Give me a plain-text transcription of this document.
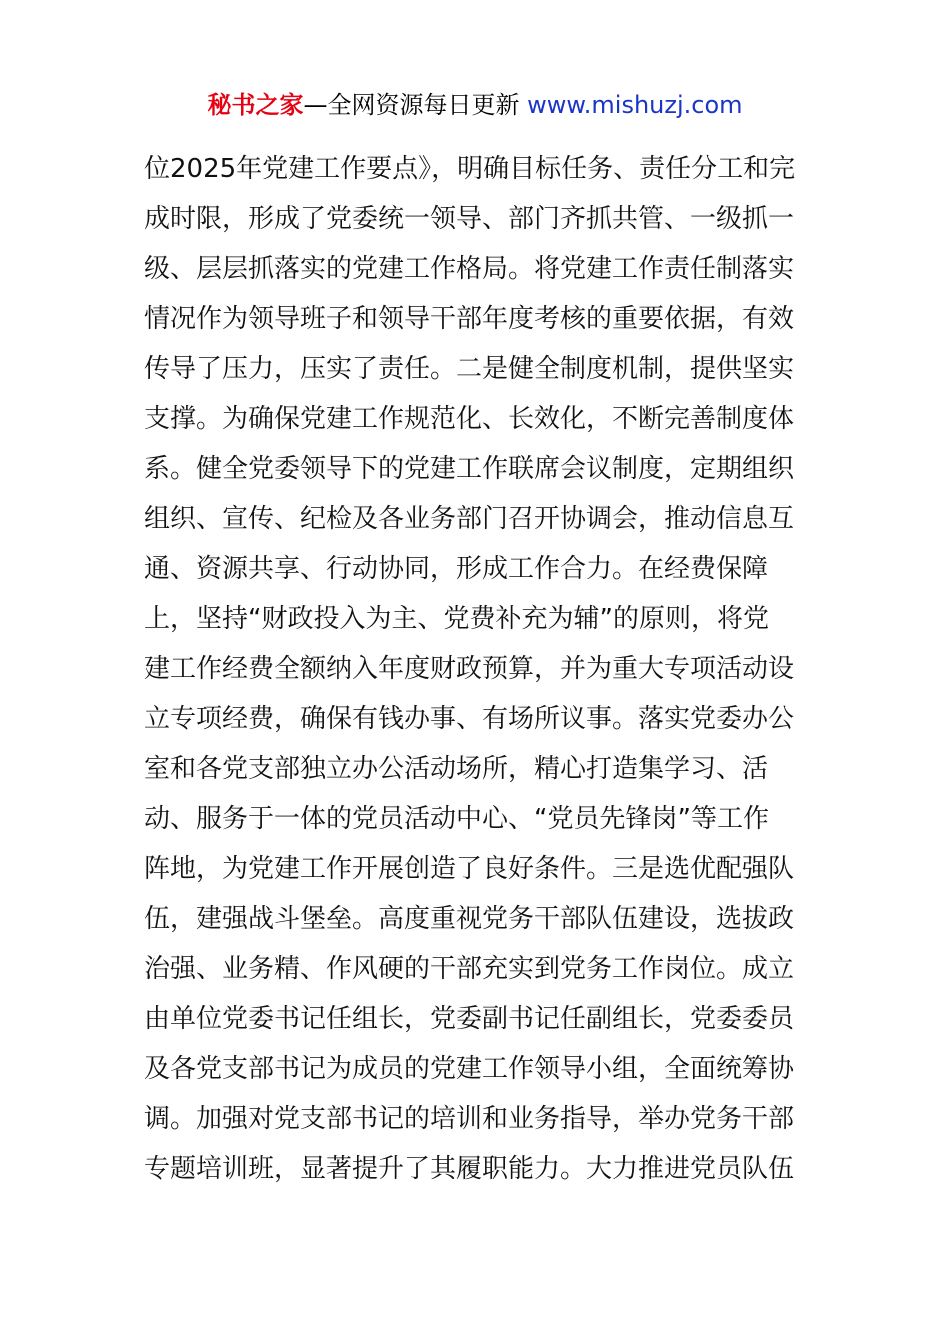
秘书之家—全网资源每日更新 www.mishuzj.com
位2025年党建工作要点》，明确目标任务、责任分工和完
成时限，形成了党委统一领导、部门齐抓共管、一级抓一
级、层层抓落实的党建工作格局。将党建工作责任制落实
情况作为领导班子和领导干部年度考核的重要依据，有效
传导了压力，压实了责任。二是健全制度机制，提供坚实
支撑。为确保党建工作规范化、长效化，不断完善制度体
系。健全党委领导下的党建工作联席会议制度，定期组织
组织、宣传、纪检及各业务部门召开协调会，推动信息互
通、资源共享、行动协同，形成工作合力。在经费保障
上，坚持“财政投入为主、党费补充为辅”的原则，将党
建工作经费全额纳入年度财政预算，并为重大专项活动设
立专项经费，确保有钱办事、有场所议事。落实党委办公
室和各党支部独立办公活动场所，精心打造集学习、活
动、服务于一体的党员活动中心、“党员先锋岗”等工作
阵地，为党建工作开展创造了良好条件。三是选优配强队
伍，建强战斗堡垒。高度重视党务干部队伍建设，选拔政
治强、业务精、作风硬的干部充实到党务工作岗位。成立
由单位党委书记任组长，党委副书记任副组长，党委委员
及各党支部书记为成员的党建工作领导小组，全面统筹协
调。加强对党支部书记的培训和业务指导，举办党务干部
专题培训班，显著提升了其履职能力。大力推进党员队伍
